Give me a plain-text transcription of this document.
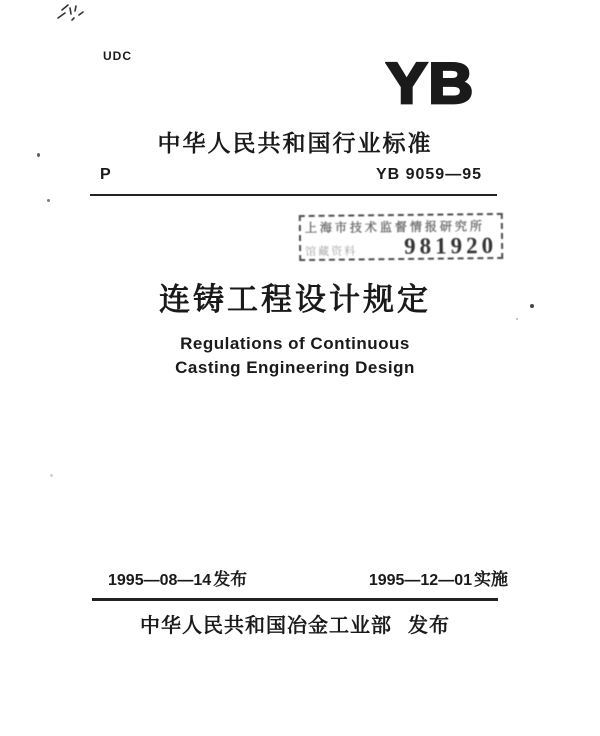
UDC	YB
中华人民共和国行业标准
P	YB 9059—95
上海市技术监督情报研究所
馆藏资料	981920
连铸工程设计规定
Regulations of Continuous
Casting Engineering Design
1995—08—14 发布	1995—12—01 实施
中华人民共和国冶金工业部 发布
